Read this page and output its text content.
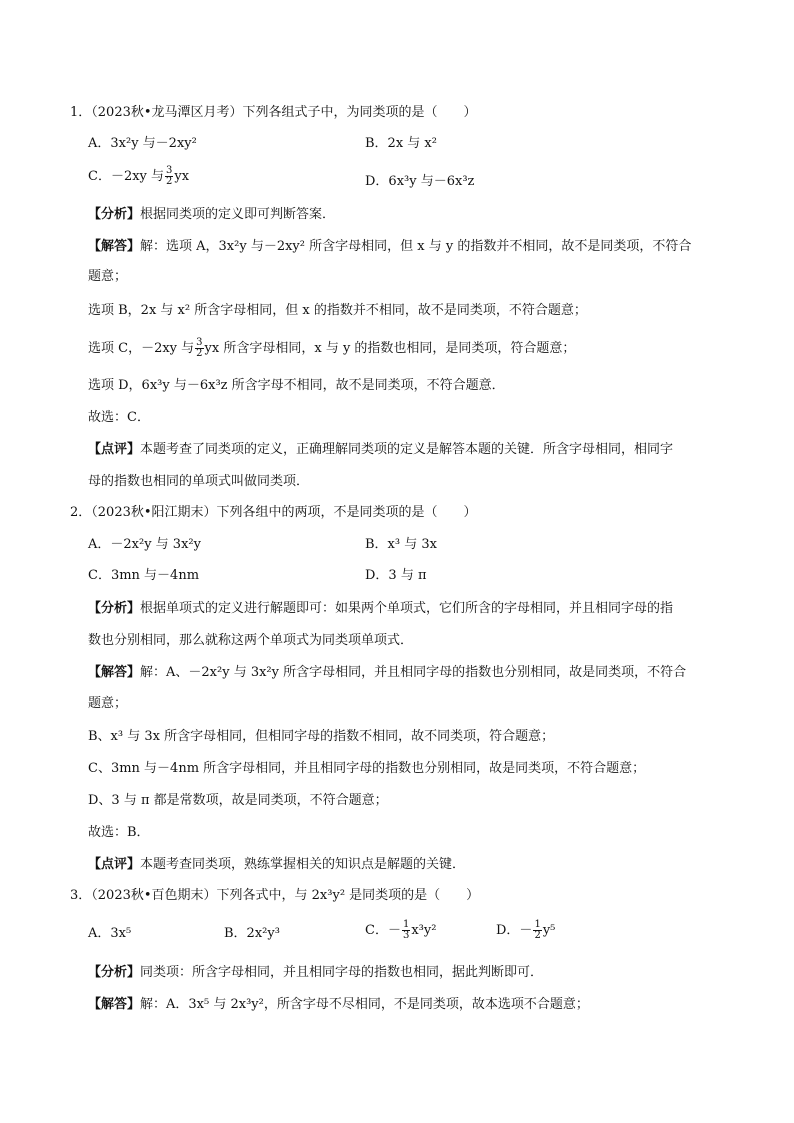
1．（2023秋•龙马潭区月考）下列各组式子中，为同类项的是（　　）
A．3x²y 与－2xy²	B．2x 与 x²
C．－2xy 与 $\frac{3}{2}$ yx	D．6x³y 与－6x³z
【分析】根据同类项的定义即可判断答案．
【解答】解：选项 A，3x²y 与－2xy² 所含字母相同，但 x 与 y 的指数并不相同，故不是同类项，不符合
题意；
选项 B，2x 与 x² 所含字母相同，但 x 的指数并不相同，故不是同类项，不符合题意；
选项 C，－2xy 与 $\frac{3}{2}$ yx 所含字母相同，x 与 y 的指数也相同，是同类项，符合题意；
选项 D，6x³y 与－6x³z 所含字母不相同，故不是同类项，不符合题意．
故选：C．
【点评】本题考查了同类项的定义，正确理解同类项的定义是解答本题的关键．所含字母相同，相同字
母的指数也相同的单项式叫做同类项．
2．（2023秋•阳江期末）下列各组中的两项，不是同类项的是（　　）
A．－2x²y 与 3x²y	B．x³ 与 3x
C．3mn 与－4nm	D．3 与 π
【分析】根据单项式的定义进行解题即可：如果两个单项式，它们所含的字母相同，并且相同字母的指
数也分别相同，那么就称这两个单项式为同类项单项式．
【解答】解：A、－2x²y 与 3x²y 所含字母相同，并且相同字母的指数也分别相同，故是同类项，不符合
题意；
B、x³ 与 3x 所含字母相同，但相同字母的指数不相同，故不同类项，符合题意；
C、3mn 与－4nm 所含字母相同，并且相同字母的指数也分别相同，故是同类项，不符合题意；
D、3 与 π 都是常数项，故是同类项，不符合题意；
故选：B．
【点评】本题考查同类项，熟练掌握相关的知识点是解题的关键．
3．（2023秋•百色期末）下列各式中，与 2x³y² 是同类项的是（　　）
A．3x⁵	B．2x²y³	C．－ $\frac{1}{3} x^3y^2$	D．－ $\frac{1}{2} y^5$
【分析】同类项：所含字母相同，并且相同字母的指数也相同，据此判断即可．
【解答】解：A．3x⁵ 与 2x³y²，所含字母不尽相同，不是同类项，故本选项不合题意；
